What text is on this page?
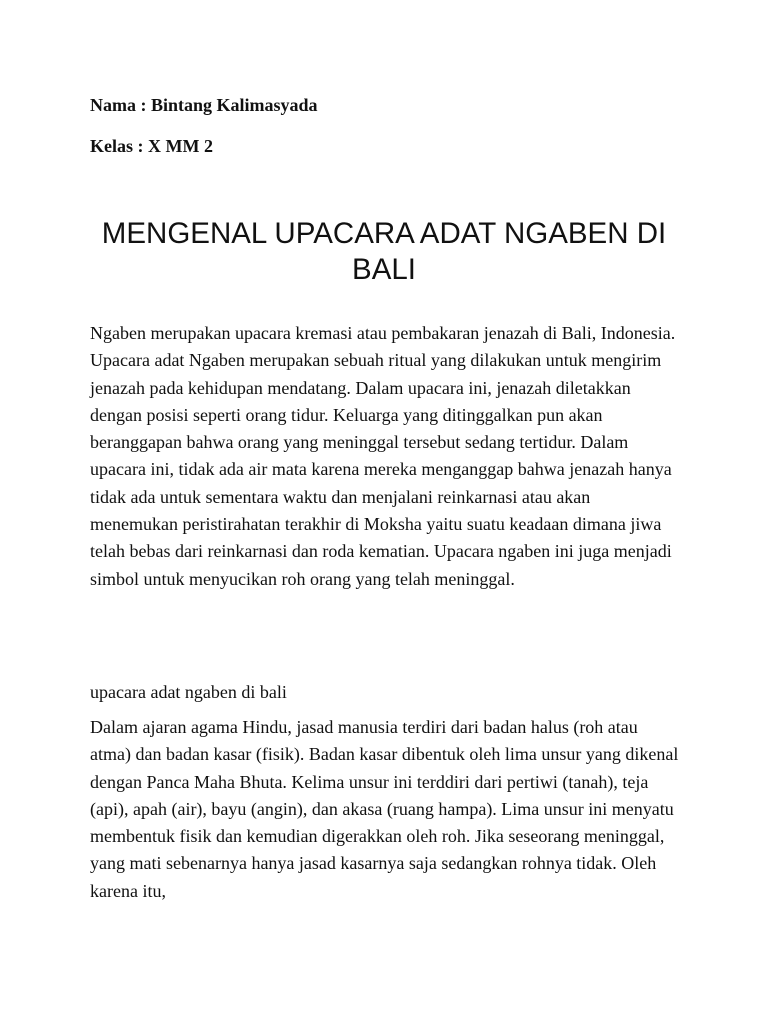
Nama : Bintang Kalimasyada
Kelas : X MM 2
MENGENAL UPACARA ADAT NGABEN DI BALI

Ngaben merupakan upacara kremasi atau pembakaran jenazah di Bali, Indonesia. Upacara adat Ngaben merupakan sebuah ritual yang dilakukan untuk mengirim jenazah pada kehidupan mendatang. Dalam upacara ini, jenazah diletakkan dengan posisi seperti orang tidur. Keluarga yang ditinggalkan pun akan beranggapan bahwa orang yang meninggal tersebut sedang tertidur. Dalam upacara ini, tidak ada air mata karena mereka menganggap bahwa jenazah hanya tidak ada untuk sementara waktu dan menjalani reinkarnasi atau akan menemukan peristirahatan terakhir di Moksha yaitu suatu keadaan dimana jiwa telah bebas dari reinkarnasi dan roda kematian. Upacara ngaben ini juga menjadi simbol untuk menyucikan roh orang yang telah meninggal.

upacara adat ngaben di bali

Dalam ajaran agama Hindu, jasad manusia terdiri dari badan halus (roh atau atma) dan badan kasar (fisik). Badan kasar dibentuk oleh lima unsur yang dikenal dengan Panca Maha Bhuta. Kelima unsur ini terddiri dari pertiwi (tanah), teja (api), apah (air), bayu (angin), dan akasa (ruang hampa). Lima unsur ini menyatu membentuk fisik dan kemudian digerakkan oleh roh. Jika seseorang meninggal, yang mati sebenarnya hanya jasad kasarnya saja sedangkan rohnya tidak. Oleh karena itu,
